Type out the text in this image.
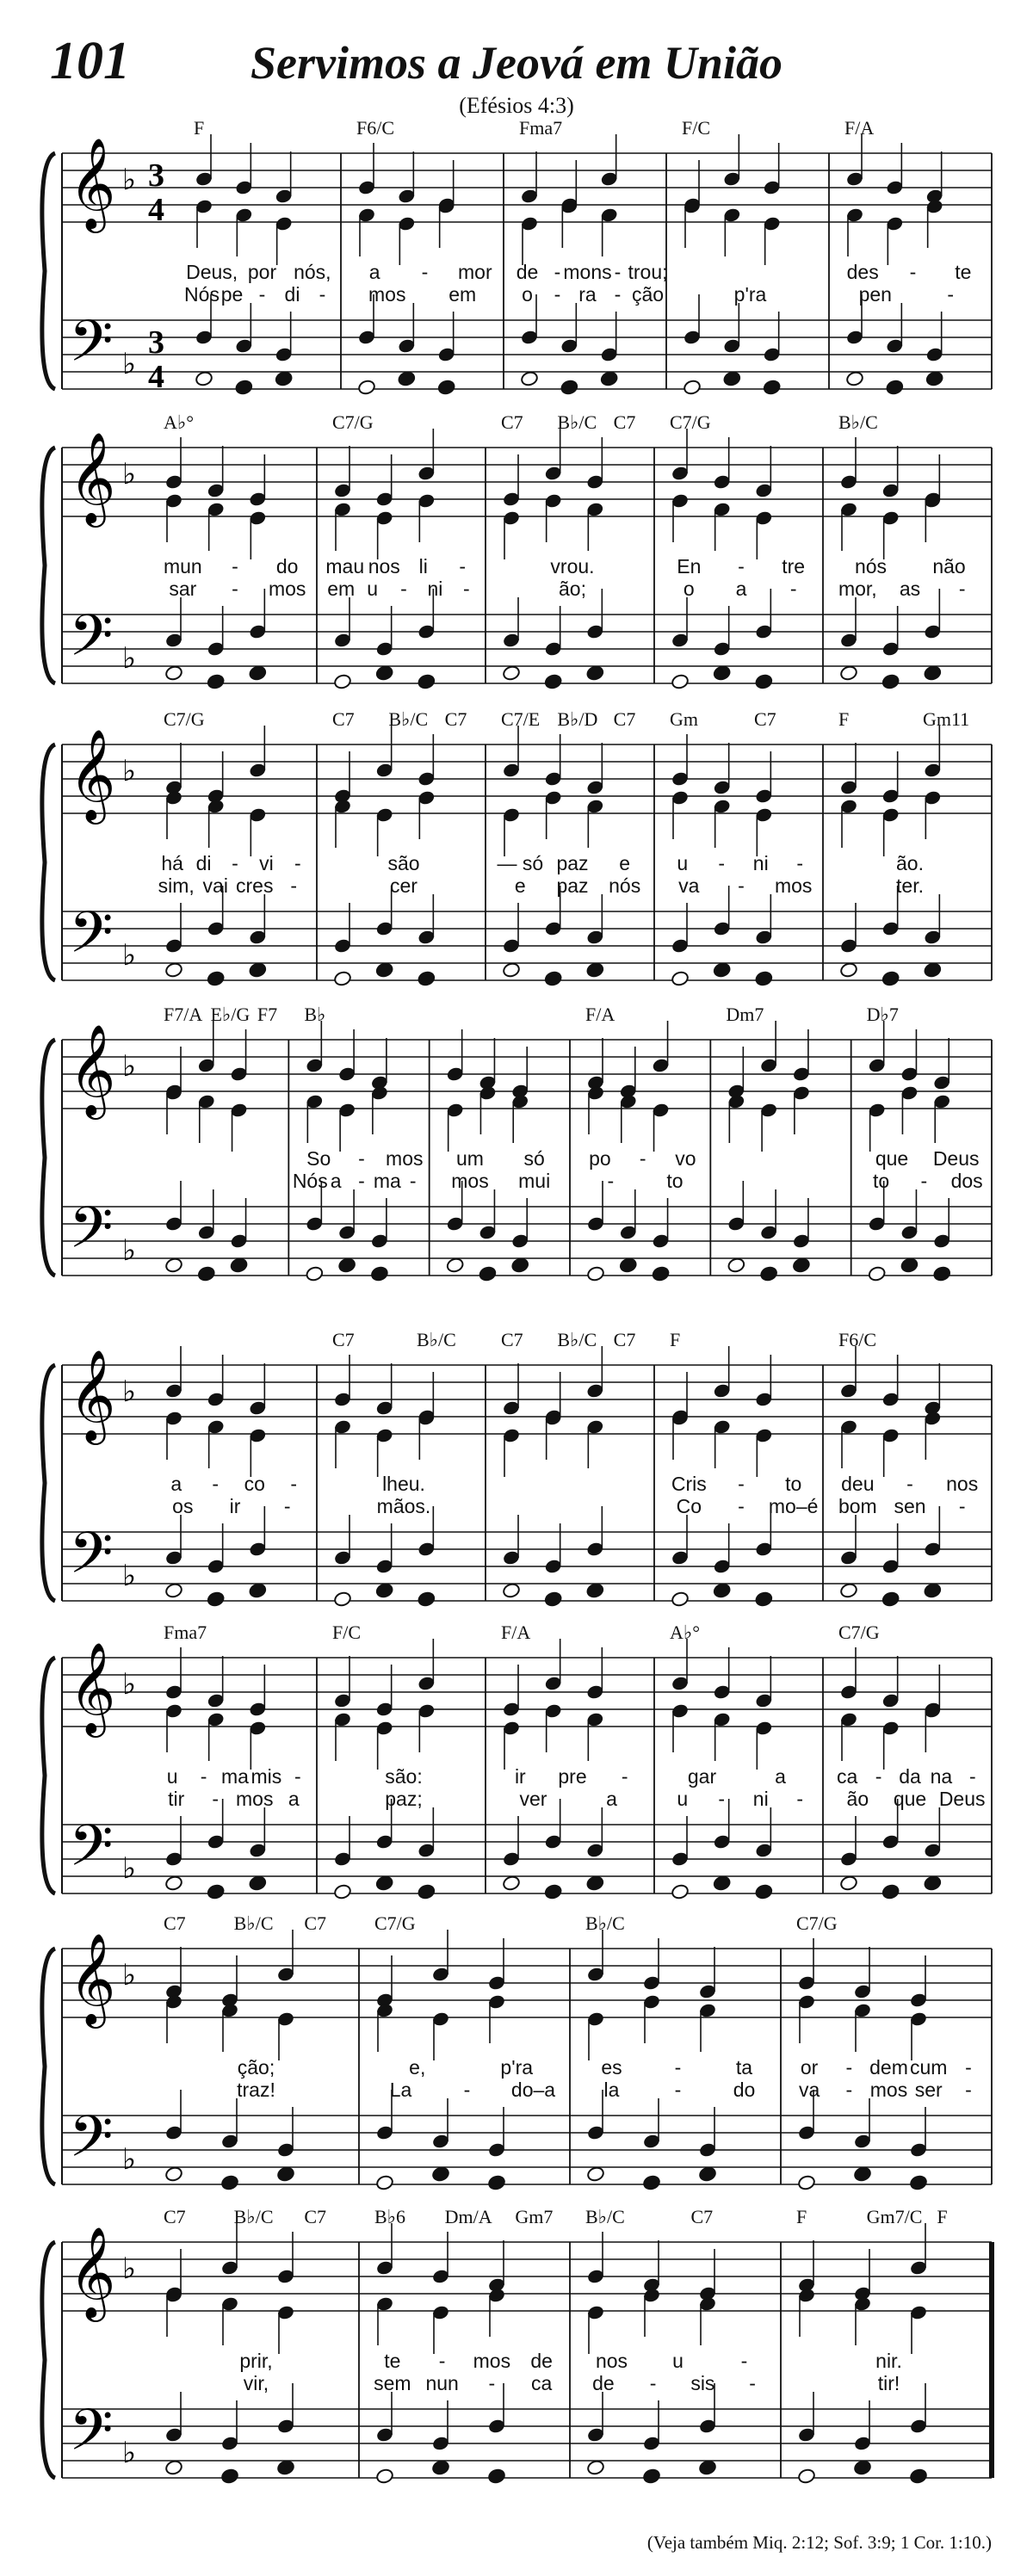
101	Servimos a Jeová em União
(Efésios 4:3)
𝄞
𝄢
♭
♭
3
4
3
4
F
Deus, por nós,
Nós pe - di -
F6/C
a - mor
mos em
Fma7
de - mons - trou;
o - ra - ção
F/C
p'ra
F/A
des - te
pen	-
𝄞
𝄢
♭
♭
A♭°
mun - do
sar - mos
C7/G
mau nos li -
em u - ni -
C7 B♭/C C7
vrou.
ão;
C7/G
En - tre
o a -
B♭/C
nós não
mor, as -
𝄞
𝄢
♭
♭
C7/G
há di - vi -
sim, vai cres -
C7 B♭/C C7
são
cer
C7/E B♭/D C7
— só paz e
e paz nós
Gm	C7
u - ni -
va - mos
F	Gm11
ão.
ter.
𝄞
𝄢
♭
♭
F7/A E♭/G F7 B♭
So - mos
Nós a - ma -
um só
mos mui
F/A
po - vo
-	to
Dm7	D♭7
que Deus
to - dos
𝄞
𝄢
♭
♭
a - co -
os ir -
C7	B♭/C
lheu.
mãos.
C7 B♭/C C7 F
Cris - to
Co - mo–é
F6/C
deu - nos
bom sen -
𝄞
𝄢
♭
♭
Fma7
u - ma mis -
tir - mos a
F/C
são:
paz;
F/A
ir pre -
ver	a
A♭°
gar	a
u - ni -
C7/G
ca - da na -
ão que Deus
𝄞
𝄢
♭
♭
C7	B♭/C C7
ção;
traz!
C7/G
e,	p'ra
La	- do–a
B♭/C
es	-	ta
la	-	do
C7/G
or - dem cum -
va - mos ser -
𝄞
𝄢
♭
♭
C7	B♭/C C7
prir,
vir,
B♭6 Dm/A Gm7
te - mos de
sem nun - ca
B♭/C	C7
nos u	-
de - sis -
F	Gm7/C F
nir.
tir!
(Veja também Miq. 2:12; Sof. 3:9; 1 Cor. 1:10.)
